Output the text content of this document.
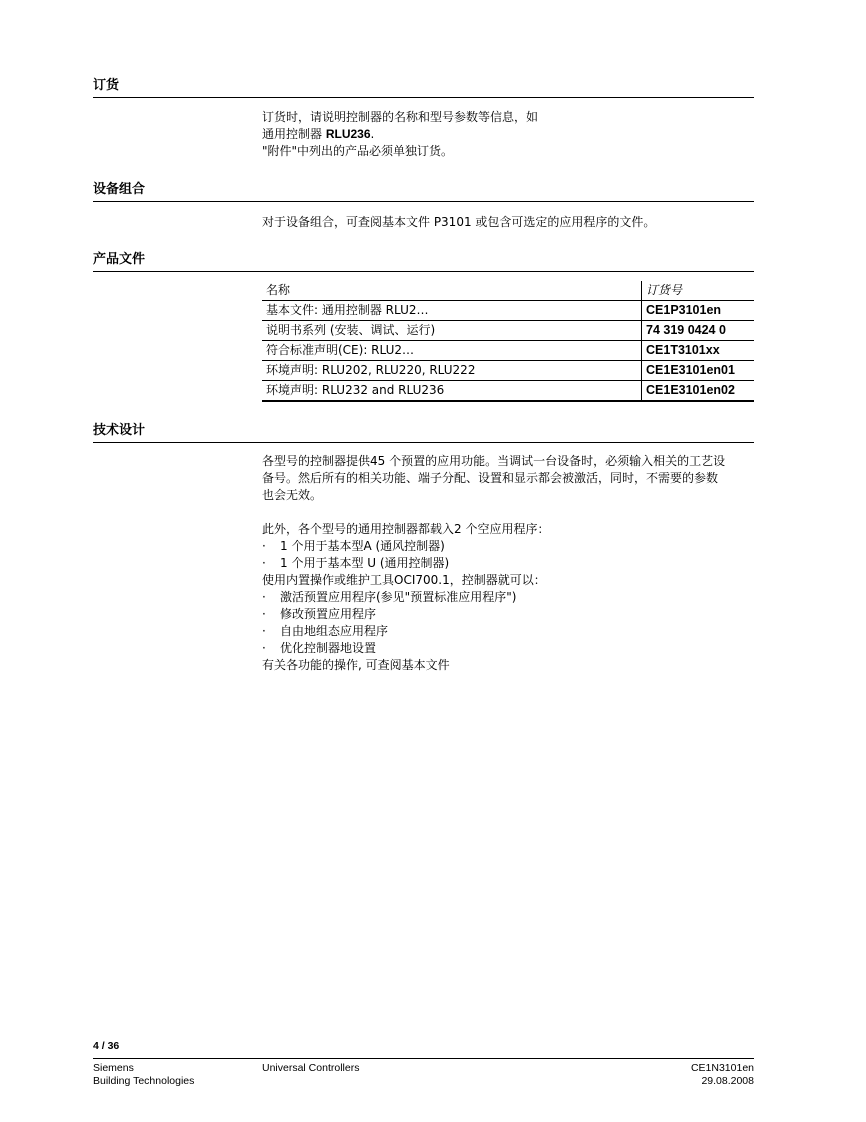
订货

订货时，请说明控制器的名称和型号参数等信息，如

通用控制器 RLU236.

"附件"中列出的产品必须单独订货。

设备组合

对于设备组合，可查阅基本文件 P3101 或包含可选定的应用程序的文件。

产品文件
名称	订货号
基本文件: 通用控制器 RLU2…	CE1P3101en
说明书系列 (安装、调试、运行)	74 319 0424 0
符合标准声明(CE): RLU2…	CE1T3101xx
环境声明: RLU202, RLU220, RLU222	CE1E3101en01
环境声明: RLU232 and RLU236	CE1E3101en02
技术设计

各型号的控制器提供45 个预置的应用功能。当调试一台设备时，必须输入相关的工艺设

备号。然后所有的相关功能、端子分配、设置和显示都会被激活，同时，不需要的参数

也会无效。

此外，各个型号的通用控制器都载入2 个空应用程序：

· 1 个用于基本型A (通风控制器)

· 1 个用于基本型 U (通用控制器)

使用内置操作或维护工具OCI700.1，控制器就可以：

· 激活预置应用程序(参见"预置标准应用程序")

· 修改预置应用程序

· 自由地组态应用程序

· 优化控制器地设置

有关各功能的操作, 可查阅基本文件

4 / 36
Siemens
Building Technologies
Universal Controllers	CE1N3101en
29.08.2008
